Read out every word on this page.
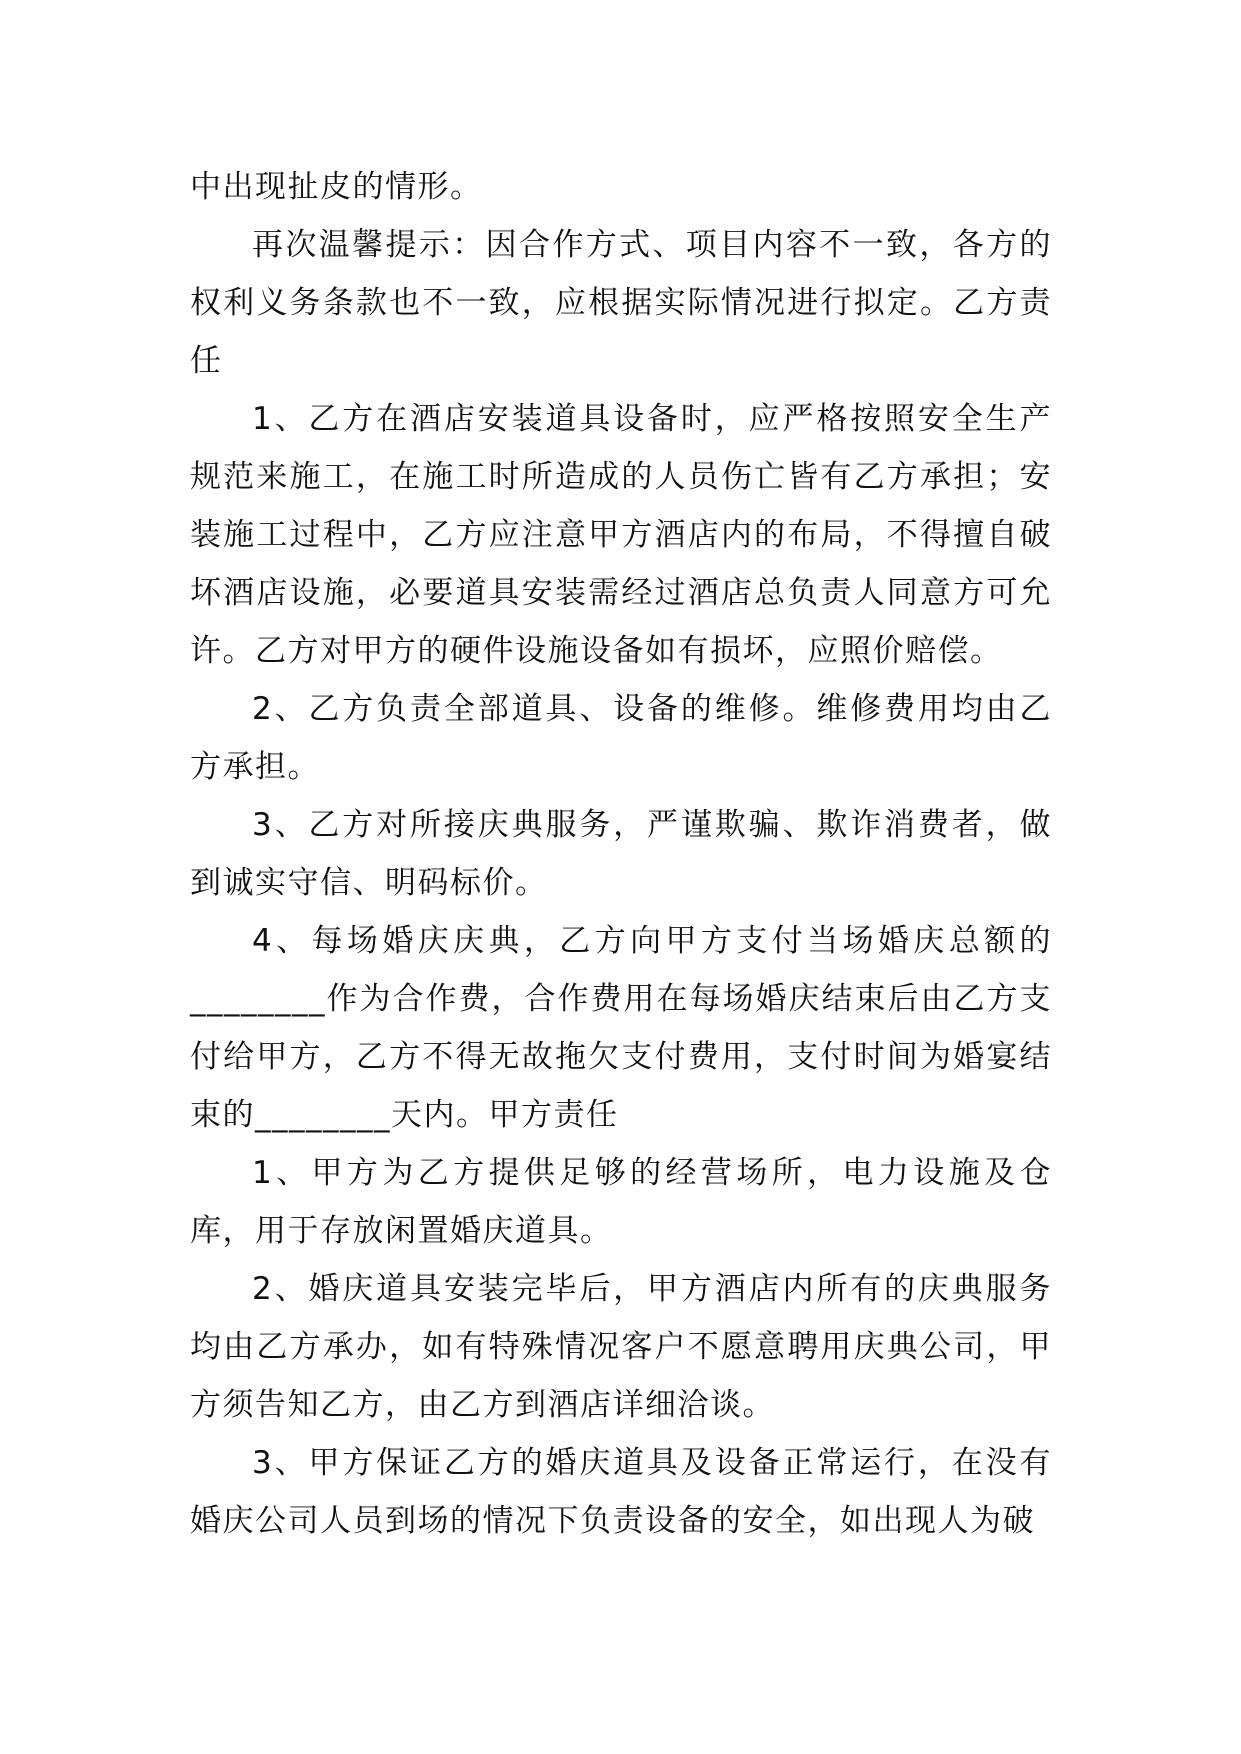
中出现扯皮的情形。

再次温馨提示：因合作方式、项目内容不一致，各方的权利义务条款也不一致，应根据实际情况进行拟定。乙方责任

1、乙方在酒店安装道具设备时，应严格按照安全生产规范来施工，在施工时所造成的人员伤亡皆有乙方承担；安装施工过程中，乙方应注意甲方酒店内的布局，不得擅自破坏酒店设施，必要道具安装需经过酒店总负责人同意方可允许。乙方对甲方的硬件设施设备如有损坏，应照价赔偿。

2、乙方负责全部道具、设备的维修。维修费用均由乙方承担。

3、乙方对所接庆典服务，严谨欺骗、欺诈消费者，做到诚实守信、明码标价。

4、每场婚庆庆典，乙方向甲方支付当场婚庆总额的________作为合作费，合作费用在每场婚庆结束后由乙方支付给甲方，乙方不得无故拖欠支付费用，支付时间为婚宴结束的________天内。甲方责任

1、甲方为乙方提供足够的经营场所，电力设施及仓库，用于存放闲置婚庆道具。

2、婚庆道具安装完毕后，甲方酒店内所有的庆典服务均由乙方承办，如有特殊情况客户不愿意聘用庆典公司，甲方须告知乙方，由乙方到酒店详细洽谈。

3、甲方保证乙方的婚庆道具及设备正常运行，在没有婚庆公司人员到场的情况下负责设备的安全，如出现人为破
